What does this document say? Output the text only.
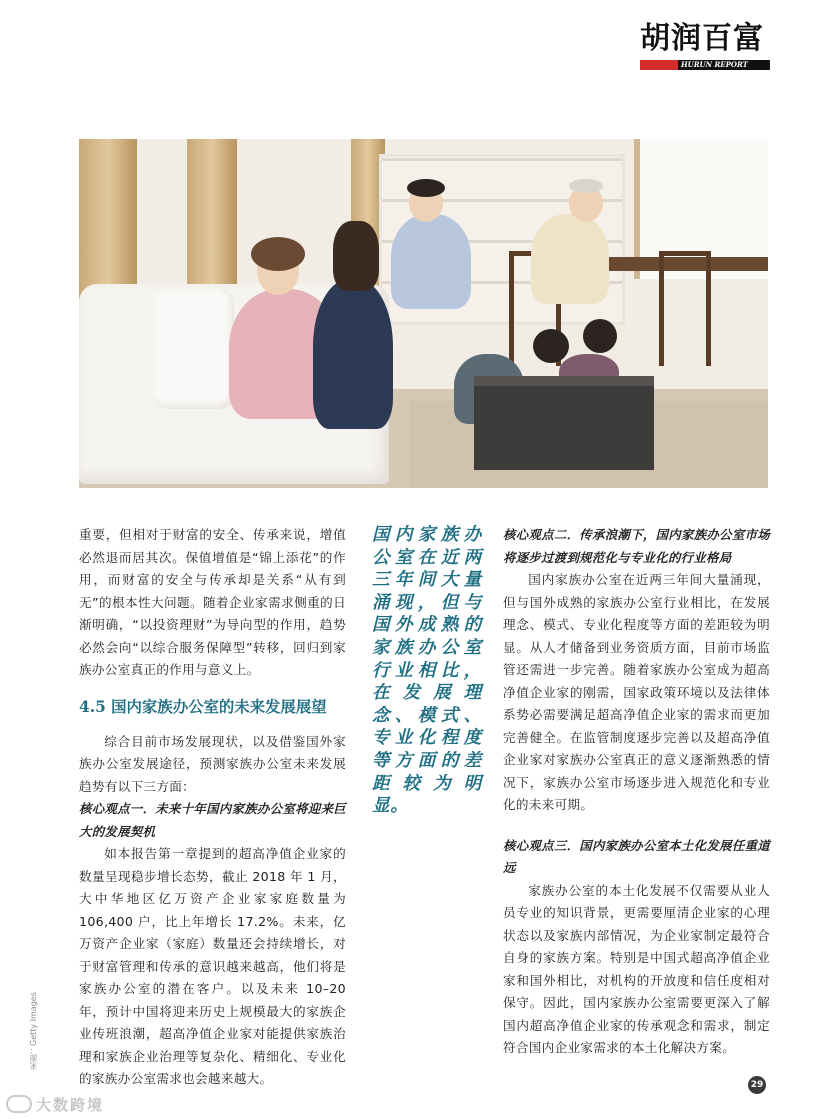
胡润百富
HURUN REPORT

重要，但相对于财富的安全、传承来说，增值必然退而居其次。保值增值是“锦上添花”的作用，而财富的安全与传承却是关系“从有到无”的根本性大问题。随着企业家需求侧重的日渐明确，“以投资理财”为导向型的作用，趋势必然会向“以综合服务保障型”转移，回归到家族办公室真正的作用与意义上。

4.5 国内家族办公室的未来发展展望

综合目前市场发展现状，以及借鉴国外家族办公室发展途径，预测家族办公室未来发展趋势有以下三方面：

核心观点一．未来十年国内家族办公室将迎来巨大的发展契机

如本报告第一章提到的超高净值企业家的数量呈现稳步增长态势，截止 2018 年 1 月，大中华地区亿万资产企业家家庭数量为 106,400 户，比上年增长 17.2%。未来，亿万资产企业家（家庭）数量还会持续增长，对于财富管理和传承的意识越来越高，他们将是家族办公室的潜在客户。以及未来 10–20 年，预计中国将迎来历史上规模最大的家族企业传班浪潮，超高净值企业家对能提供家族治理和家族企业治理等复杂化、精细化、专业化的家族办公室需求也会越来越大。

国内家族办公室在近两三年间大量涌现，但与国外成熟的家族办公室行业相比，在发展理念、模式、专业化程度等方面的差距较为明显。

核心观点二．传承浪潮下，国内家族办公室市场将逐步过渡到规范化与专业化的行业格局

国内家族办公室在近两三年间大量涌现，但与国外成熟的家族办公室行业相比，在发展理念、模式、专业化程度等方面的差距较为明显。从人才储备到业务资质方面，目前市场监管还需进一步完善。随着家族办公室成为超高净值企业家的刚需，国家政策环境以及法律体系势必需要满足超高净值企业家的需求而更加完善健全。在监管制度逐步完善以及超高净值企业家对家族办公室真正的意义逐渐熟悉的情况下，家族办公室市场逐步进入规范化和专业化的未来可期。

核心观点三．国内家族办公室本土化发展任重道远

家族办公室的本土化发展不仅需要从业人员专业的知识背景，更需要厘清企业家的心理状态以及家族内部情况，为企业家制定最符合自身的家族方案。特别是中国式超高净值企业家和国外相比，对机构的开放度和信任度相对保守。因此，国内家族办公室需要更深入了解国内超高净值企业家的传承观念和需求，制定符合国内企业家需求的本土化解决方案。

来源：Getty Images
29
大数跨境
